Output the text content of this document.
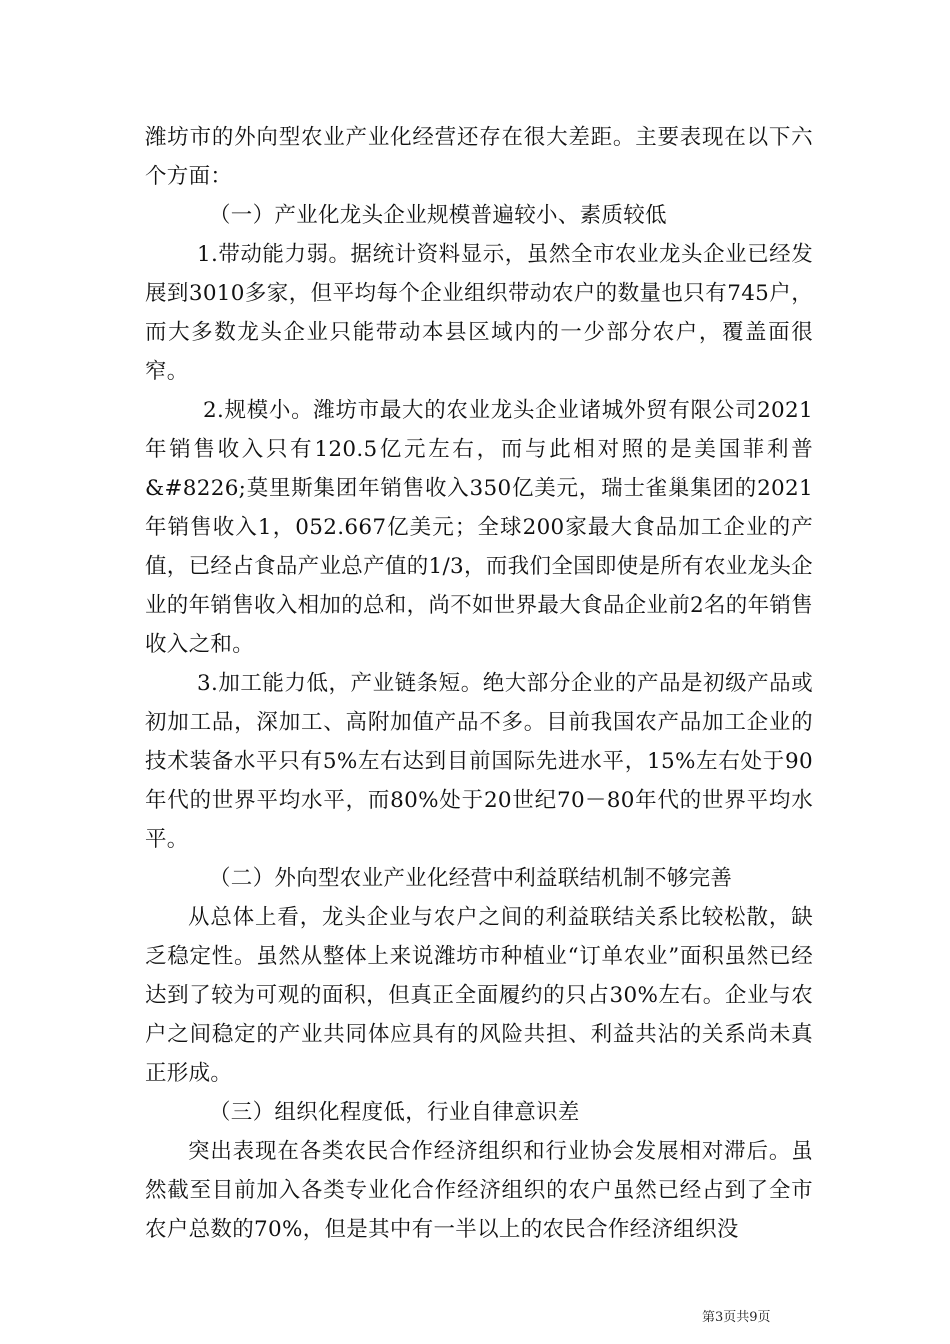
潍坊市的外向型农业产业化经营还存在很大差距。主要表现在以下六个方面：

（一）产业化龙头企业规模普遍较小、素质较低

1.带动能力弱。据统计资料显示，虽然全市农业龙头企业已经发展到3010多家，但平均每个企业组织带动农户的数量也只有745户，而大多数龙头企业只能带动本县区域内的一少部分农户，覆盖面很窄。

2.规模小。潍坊市最大的农业龙头企业诸城外贸有限公司2021年销售收入只有120.5亿元左右，而与此相对照的是美国菲利普&#8226;莫里斯集团年销售收入350亿美元，瑞士雀巢集团的2021年销售收入1，052.667亿美元；全球200家最大食品加工企业的产值，已经占食品产业总产值的1/3，而我们全国即使是所有农业龙头企业的年销售收入相加的总和，尚不如世界最大食品企业前2名的年销售收入之和。

3.加工能力低，产业链条短。绝大部分企业的产品是初级产品或初加工品，深加工、高附加值产品不多。目前我国农产品加工企业的技术装备水平只有5%左右达到目前国际先进水平，15%左右处于90年代的世界平均水平，而80%处于20世纪70－80年代的世界平均水平。

（二）外向型农业产业化经营中利益联结机制不够完善

从总体上看，龙头企业与农户之间的利益联结关系比较松散，缺乏稳定性。虽然从整体上来说潍坊市种植业“订单农业”面积虽然已经达到了较为可观的面积，但真正全面履约的只占30%左右。企业与农户之间稳定的产业共同体应具有的风险共担、利益共沾的关系尚未真正形成。

（三）组织化程度低，行业自律意识差

突出表现在各类农民合作经济组织和行业协会发展相对滞后。虽然截至目前加入各类专业化合作经济组织的农户虽然已经占到了全市农户总数的70%，但是其中有一半以上的农民合作经济组织没

第3页共9页
